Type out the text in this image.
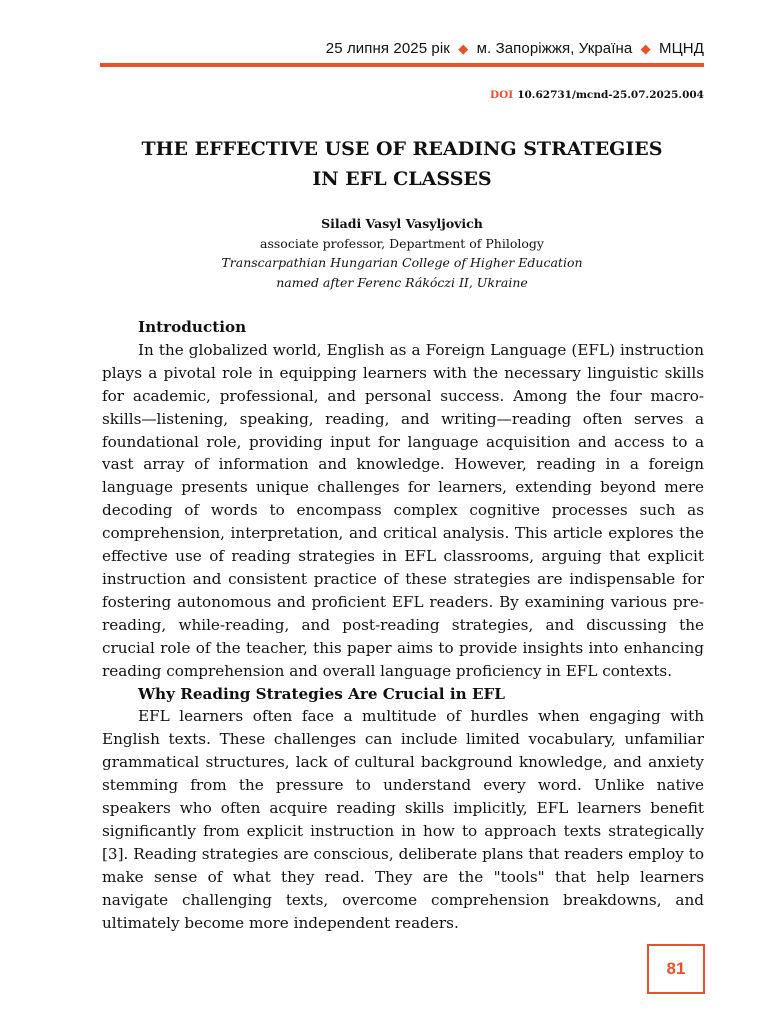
25 липня 2025 рік ◆ м. Запоріжжя, Україна ◆ МЦНД
DOI 10.62731/mcnd-25.07.2025.004
THE EFFECTIVE USE OF READING STRATEGIES
IN EFL CLASSES
Siladi Vasyl Vasyljovich
associate professor, Department of Philology
Transcarpathian Hungarian College of Higher Education
named after Ferenc Rákóczi II, Ukraine
Introduction

In the globalized world, English as a Foreign Language (EFL) instruction plays a pivotal role in equipping learners with the necessary linguistic skills for academic, professional, and personal success. Among the four macro-skills—listening, speaking, reading, and writing—reading often serves a foundational role, providing input for language acquisition and access to a vast array of information and knowledge. However, reading in a foreign language presents unique challenges for learners, extending beyond mere decoding of words to encompass complex cognitive processes such as comprehension, interpretation, and critical analysis. This article explores the effective use of reading strategies in EFL classrooms, arguing that explicit instruction and consistent practice of these strategies are indispensable for fostering autonomous and proficient EFL readers. By examining various pre-reading, while-reading, and post-reading strategies, and discussing the crucial role of the teacher, this paper aims to provide insights into enhancing reading comprehension and overall language proficiency in EFL contexts.

Why Reading Strategies Are Crucial in EFL

EFL learners often face a multitude of hurdles when engaging with English texts. These challenges can include limited vocabulary, unfamiliar grammatical structures, lack of cultural background knowledge, and anxiety stemming from the pressure to understand every word. Unlike native speakers who often acquire reading skills implicitly, EFL learners benefit significantly from explicit instruction in how to approach texts strategically [3]. Reading strategies are conscious, deliberate plans that readers employ to make sense of what they read. They are the "tools" that help learners navigate challenging texts, overcome comprehension breakdowns, and ultimately become more independent readers.

81
